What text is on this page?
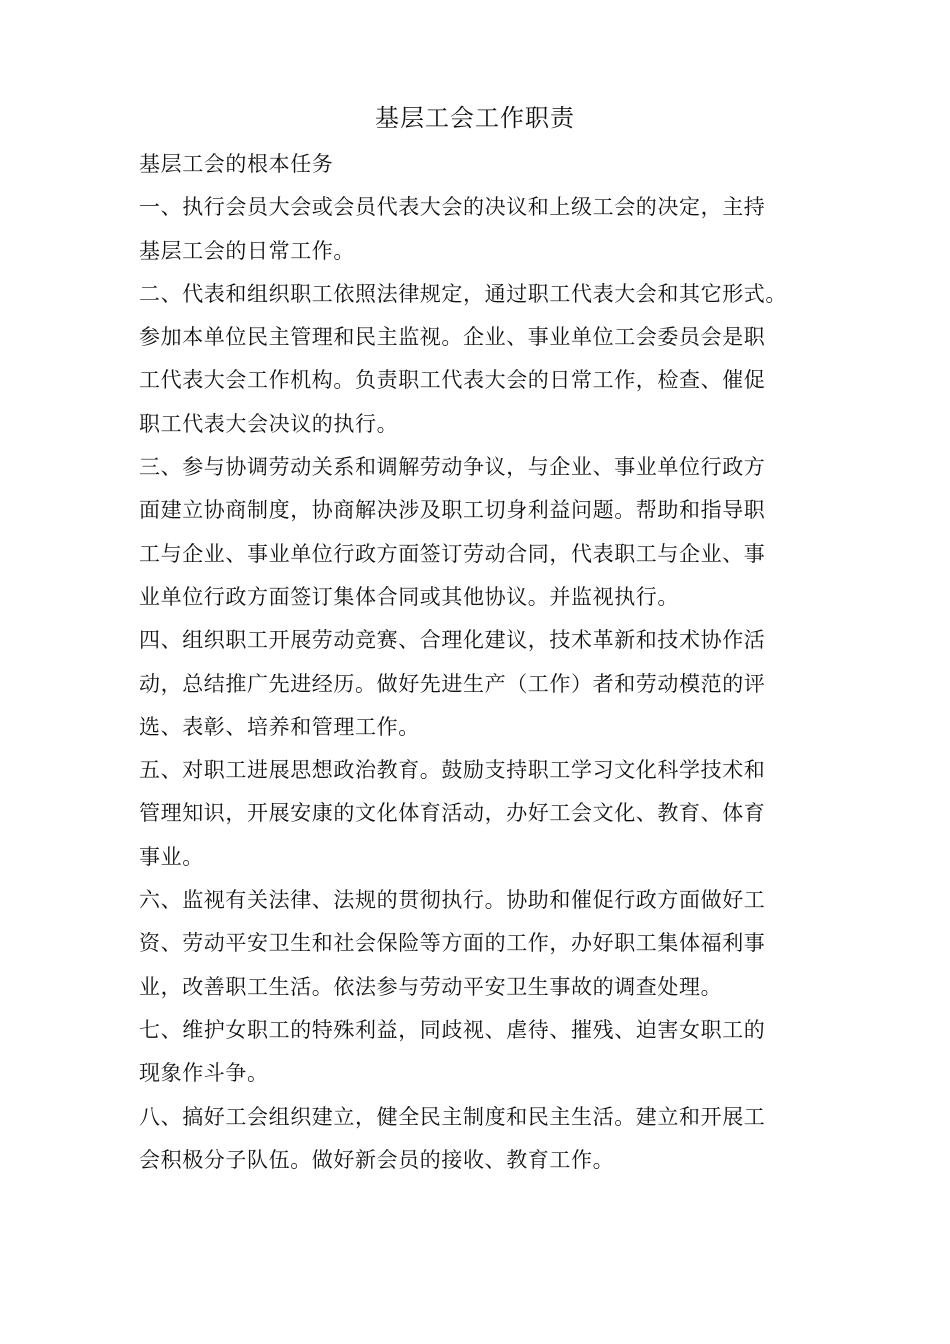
基层工会工作职责
基层工会的根本任务
一、执行会员大会或会员代表大会的决议和上级工会的决定，主持
基层工会的日常工作。
二、代表和组织职工依照法律规定，通过职工代表大会和其它形式。
参加本单位民主管理和民主监视。企业、事业单位工会委员会是职
工代表大会工作机构。负责职工代表大会的日常工作，检查、催促
职工代表大会决议的执行。
三、参与协调劳动关系和调解劳动争议，与企业、事业单位行政方
面建立协商制度，协商解决涉及职工切身利益问题。帮助和指导职
工与企业、事业单位行政方面签订劳动合同，代表职工与企业、事
业单位行政方面签订集体合同或其他协议。并监视执行。
四、组织职工开展劳动竞赛、合理化建议，技术革新和技术协作活
动，总结推广先进经历。做好先进生产（工作）者和劳动模范的评
选、表彰、培养和管理工作。
五、对职工进展思想政治教育。鼓励支持职工学习文化科学技术和
管理知识，开展安康的文化体育活动，办好工会文化、教育、体育
事业。
六、监视有关法律、法规的贯彻执行。协助和催促行政方面做好工
资、劳动平安卫生和社会保险等方面的工作，办好职工集体福利事
业，改善职工生活。依法参与劳动平安卫生事故的调查处理。
七、维护女职工的特殊利益，同歧视、虐待、摧残、迫害女职工的
现象作斗争。
八、搞好工会组织建立，健全民主制度和民主生活。建立和开展工
会积极分子队伍。做好新会员的接收、教育工作。
